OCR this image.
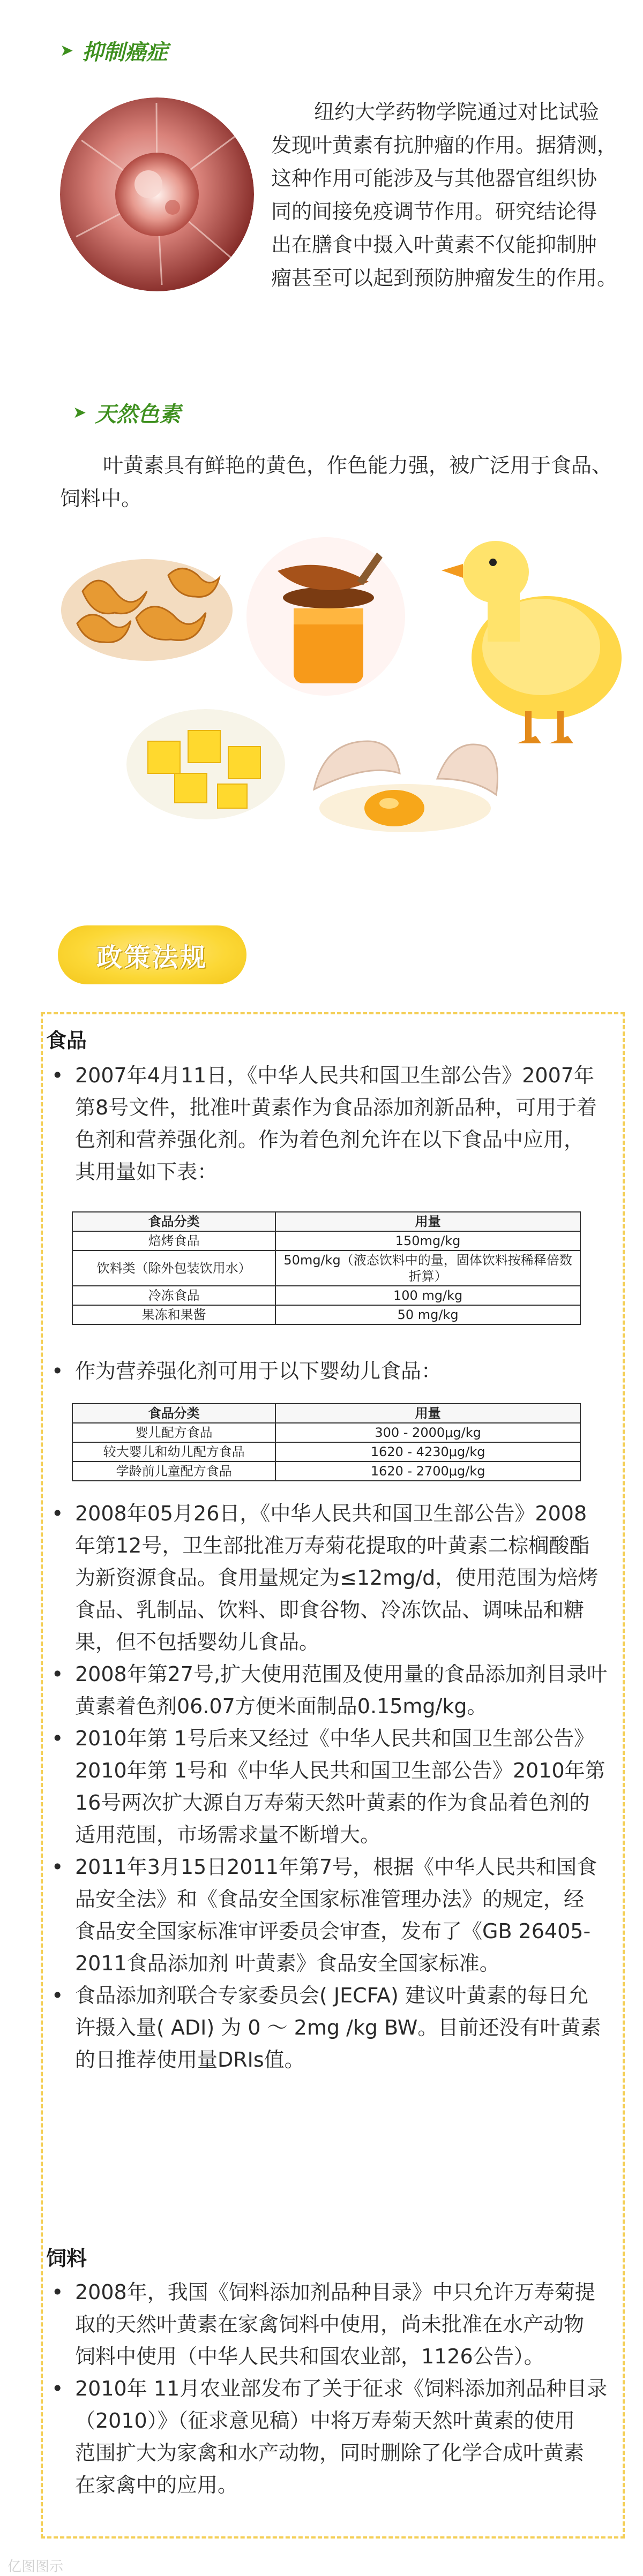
➤ 抑制癌症
纽约大学药物学院通过对比试验
发现叶黄素有抗肿瘤的作用。据猜测，
这种作用可能涉及与其他器官组织协
同的间接免疫调节作用。研究结论得
出在膳食中摄入叶黄素不仅能抑制肿
瘤甚至可以起到预防肿瘤发生的作用。
➤ 天然色素
叶黄素具有鲜艳的黄色，作色能力强，被广泛用于食品、
饲料中。
政策法规
食品
• 2007年4月11日，《中华人民共和国卫生部公告》2007年
第8号文件，批准叶黄素作为食品添加剂新品种，可用于着
色剂和营养强化剂。作为着色剂允许在以下食品中应用，
其用量如下表：
食品分类	用量
焙烤食品	150mg/kg
饮料类（除外包装饮用水）	50mg/kg（液态饮料中的量，固体饮料按稀释倍数折算）
冷冻食品	100 mg/kg
果冻和果酱	50 mg/kg
• 作为营养强化剂可用于以下婴幼儿食品：
食品分类	用量
婴儿配方食品	300 - 2000μg/kg
较大婴儿和幼儿配方食品	1620 - 4230μg/kg
学龄前儿童配方食品	1620 - 2700μg/kg
• 2008年05月26日，《中华人民共和国卫生部公告》2008
年第12号，卫生部批准万寿菊花提取的叶黄素二棕榈酸酯
为新资源食品。食用量规定为≤12mg/d，使用范围为焙烤
食品、乳制品、饮料、即食谷物、冷冻饮品、调味品和糖
果，但不包括婴幼儿食品。
• 2008年第27号,扩大使用范围及使用量的食品添加剂目录叶
黄素着色剂06.07方便米面制品0.15mg/kg。
• 2010年第 1号后来又经过《中华人民共和国卫生部公告》
2010年第 1号和《中华人民共和国卫生部公告》2010年第
16号两次扩大源自万寿菊天然叶黄素的作为食品着色剂的
适用范围，市场需求量不断增大。
• 2011年3月15日2011年第7号，根据《中华人民共和国食
品安全法》和《食品安全国家标准管理办法》的规定，经
食品安全国家标准审评委员会审查，发布了《GB 26405-
2011食品添加剂 叶黄素》食品安全国家标准。
• 食品添加剂联合专家委员会( JECFA) 建议叶黄素的每日允
许摄入量( ADI) 为 0 ～ 2mg /kg BW。目前还没有叶黄素
的日推荐使用量DRIs值。
饲料
• 2008年，我国《饲料添加剂品种目录》中只允许万寿菊提
取的天然叶黄素在家禽饲料中使用，尚未批准在水产动物
饲料中使用（中华人民共和国农业部，1126公告）。
• 2010年 11月农业部发布了关于征求《饲料添加剂品种目录
（2010）》（征求意见稿）中将万寿菊天然叶黄素的使用
范围扩大为家禽和水产动物，同时删除了化学合成叶黄素
在家禽中的应用。
亿图图示
